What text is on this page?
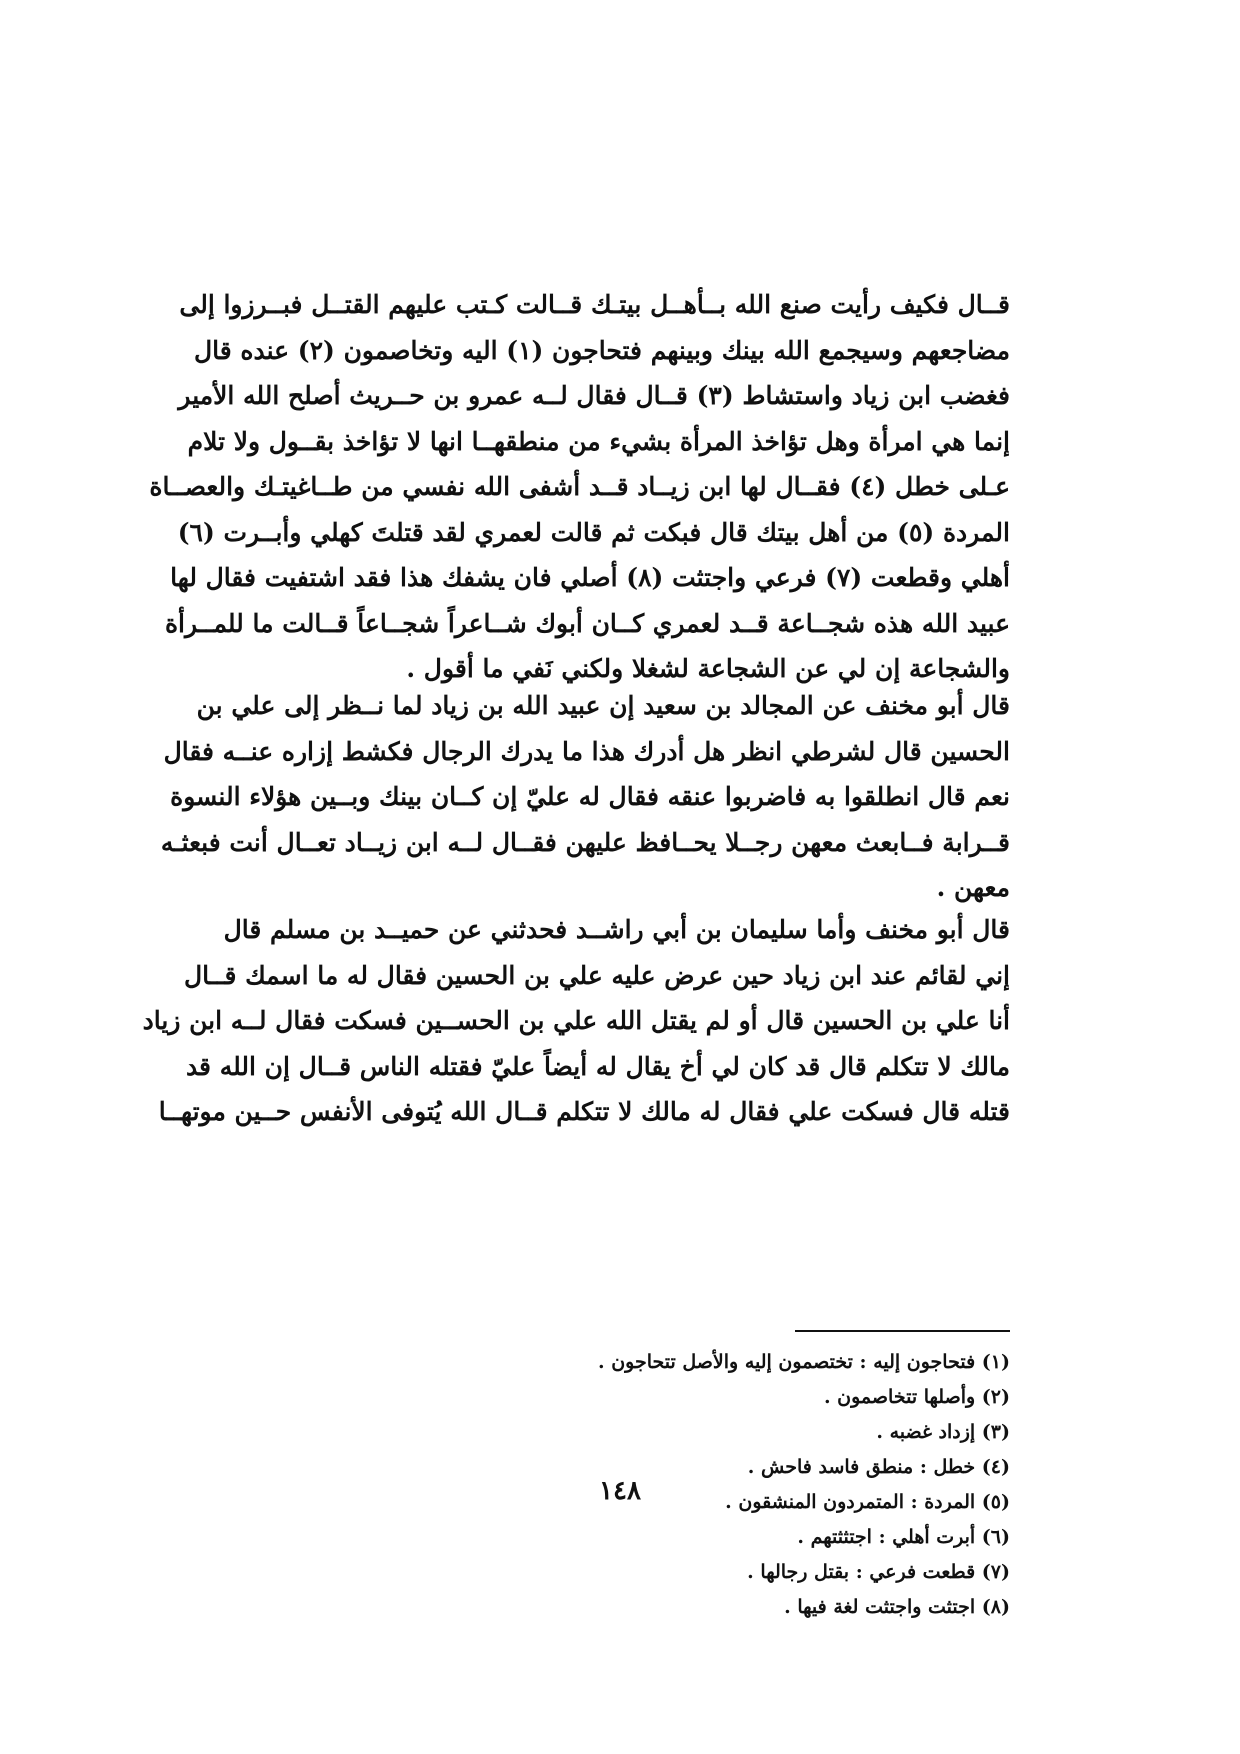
قــال فكيف رأيت صنع الله بــأهــل بيتـك قــالت كـتب عليهم القتــل فبــرزوا إلى
مضاجعهم وسيجمع الله بينك وبينهم فتحاجون (١) اليه وتخاصمون (٢) عنده قال
فغضب ابن زياد واستشاط (٣) قــال فقال لــه عمرو بن حــريث أصلح الله الأمير
إنما هي امرأة وهل تؤاخذ المرأة بشيء من منطقهــا انها لا تؤاخذ بقــول ولا تلام
عـلى خطل (٤) فقــال لها ابن زيــاد قــد أشفى الله نفسي من طــاغيتـك والعصــاة
المردة (٥) من أهل بيتك قال فبكت ثم قالت لعمري لقد قتلتَ كهلي وأبــرت (٦)
أهلي وقطعت (٧) فرعي واجتثت (٨) أصلي فان يشفك هذا فقد اشتفيت فقال لها
عبيد الله هذه شجــاعة قــد لعمري كــان أبوك شــاعراً شجــاعاً قــالت ما للمــرأة
والشجاعة إن لي عن الشجاعة لشغلا ولكني نَفي ما أقول .
قال أبو مخنف عن المجالد بن سعيد إن عبيد الله بن زياد لما نــظر إلى علي بن
الحسين قال لشرطي انظر هل أدرك هذا ما يدرك الرجال فكشط إزاره عنــه فقال
نعم قال انطلقوا به فاضربوا عنقه فقال له عليّ إن كــان بينك وبــين هؤلاء النسوة
قــرابة فــابعث معهن رجــلا يحــافظ عليهن فقــال لــه ابن زيــاد تعــال أنت فبعثـه
معهن .
قال أبو مخنف وأما سليمان بن أبي راشــد فحدثني عن حميــد بن مسلم قال
إني لقائم عند ابن زياد حين عرض عليه علي بن الحسين فقال له ما اسمك قــال
أنا علي بن الحسين قال أو لم يقتل الله علي بن الحســين فسكت فقال لــه ابن زياد
مالك لا تتكلم قال قد كان لي أخ يقال له أيضاً عليّ فقتله الناس قــال إن الله قد
قتله قال فسكت علي فقال له مالك لا تتكلم قــال الله يُتوفى الأنفس حــين موتهــا
(١) فتحاجون إليه : تختصمون إليه والأصل تتحاجون .
(٢) وأصلها تتخاصمون .
(٣) إزداد غضبه .
(٤) خطل : منطق فاسد فاحش .
(٥) المردة : المتمردون المنشقون .
(٦) أبرت أهلي : اجتثثتهم .
(٧) قطعت فرعي : بقتل رجالها .
(٨) اجتثت واجتثت لغة فيها .
١٤٨
